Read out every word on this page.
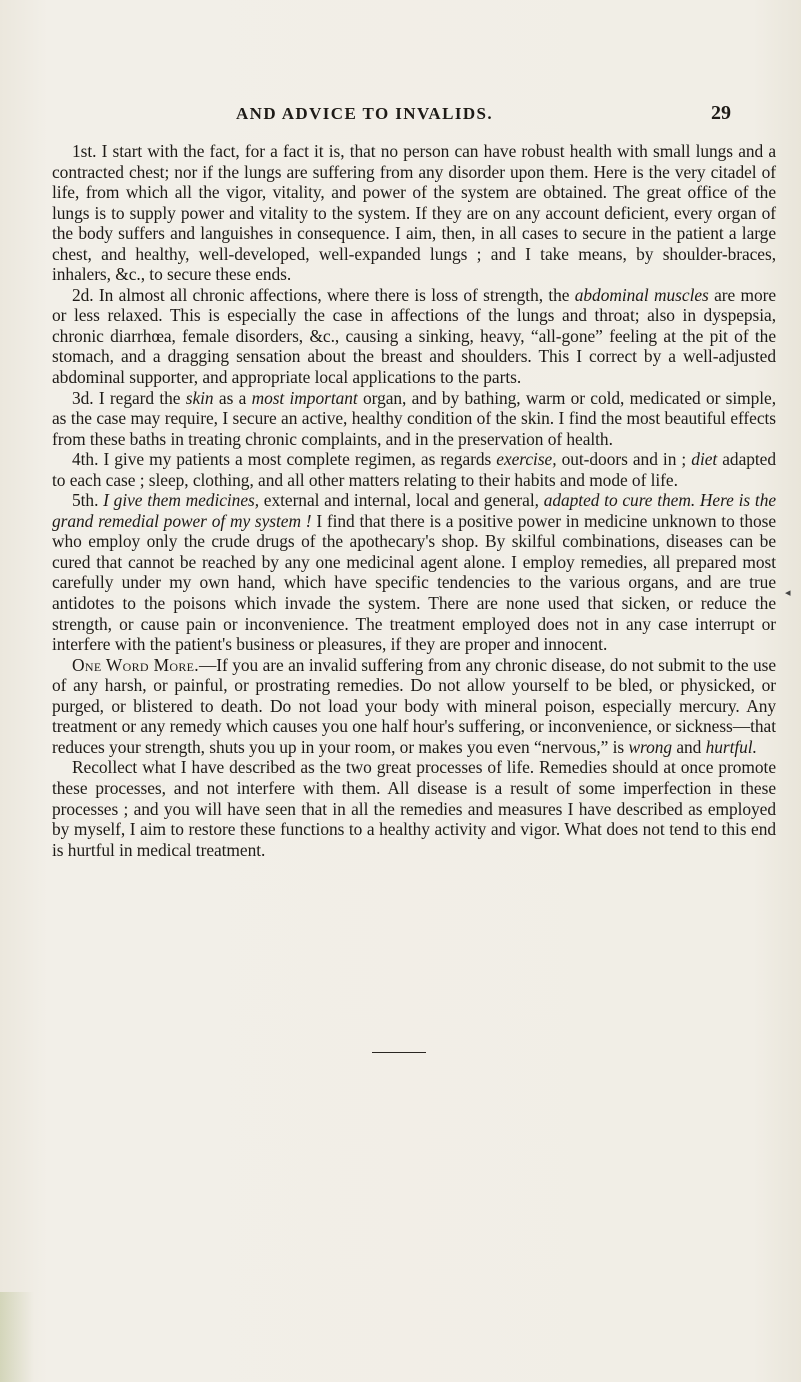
AND ADVICE TO INVALIDS.	29

1st. I start with the fact, for a fact it is, that no person can have robust health with small lungs and a contracted chest; nor if the lungs are suffering from any disorder upon them. Here is the very citadel of life, from which all the vigor, vitality, and power of the system are obtained. The great office of the lungs is to supply power and vitality to the system. If they are on any account deficient, every organ of the body suffers and languishes in consequence. I aim, then, in all cases to secure in the patient a large chest, and healthy, well-developed, well-expanded lungs ; and I take means, by shoulder-braces, inhalers, &c., to secure these ends.

2d. In almost all chronic affections, where there is loss of strength, the abdominal muscles are more or less relaxed. This is especially the case in affections of the lungs and throat; also in dyspepsia, chronic diarrhœa, female disorders, &c., causing a sinking, heavy, “all-gone” feeling at the pit of the stomach, and a dragging sensation about the breast and shoulders. This I correct by a well-adjusted abdominal supporter, and appropriate local applications to the parts.

3d. I regard the skin as a most important organ, and by bathing, warm or cold, medicated or simple, as the case may require, I secure an active, healthy condition of the skin. I find the most beautiful effects from these baths in treating chronic complaints, and in the preservation of health.

4th. I give my patients a most complete regimen, as regards exercise, out-doors and in ; diet adapted to each case ; sleep, clothing, and all other matters relating to their habits and mode of life.

5th. I give them medicines, external and internal, local and general, adapted to cure them. Here is the grand remedial power of my system ! I find that there is a positive power in medicine unknown to those who employ only the crude drugs of the apothecary's shop. By skilful combinations, diseases can be cured that cannot be reached by any one medicinal agent alone. I employ remedies, all prepared most carefully under my own hand, which have specific tendencies to the various organs, and are true antidotes to the poisons which invade the system. There are none used that sicken, or reduce the strength, or cause pain or inconvenience. The treatment employed does not in any case interrupt or interfere with the patient's business or pleasures, if they are proper and innocent.

One Word More.—If you are an invalid suffering from any chronic disease, do not submit to the use of any harsh, or painful, or prostrating remedies. Do not allow yourself to be bled, or physicked, or purged, or blistered to death. Do not load your body with mineral poison, especially mercury. Any treatment or any remedy which causes you one half hour's suffering, or inconvenience, or sickness—that reduces your strength, shuts you up in your room, or makes you even “nervous,” is wrong and hurtful.

Recollect what I have described as the two great processes of life. Remedies should at once promote these processes, and not interfere with them. All disease is a result of some imperfection in these processes ; and you will have seen that in all the remedies and measures I have described as employed by myself, I aim to restore these functions to a healthy activity and vigor. What does not tend to this end is hurtful in medical treatment.

◂
